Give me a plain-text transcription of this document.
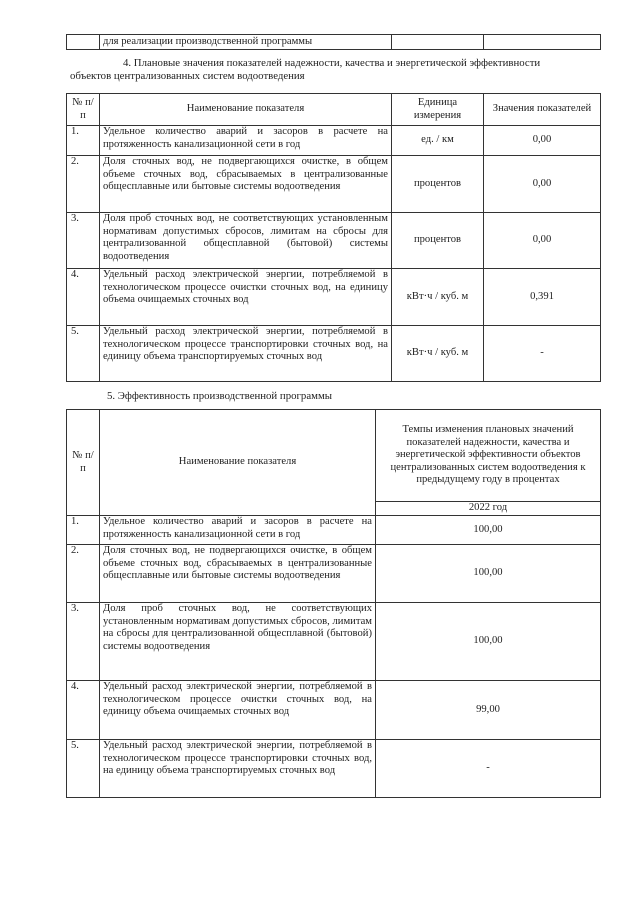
	для реализации производственной программы		
4. Плановые значения показателей надежности, качества и энергетической эффективности
объектов централизованных систем водоотведения
№ п/п	Наименование показателя	Единица измерения	Значения показателей
1.	Удельное количество аварий и засоров в расчете на протяженность канализационной сети в год	ед. / км	0,00
2.	Доля сточных вод, не подвергающихся очистке, в общем объеме сточных вод, сбрасываемых в централизованные общесплавные или бытовые системы водоотведения	процентов	0,00
3.	Доля проб сточных вод, не соответствующих установленным нормативам допустимых сбросов, лимитам на сбросы для централизованной общесплавной (бытовой) системы водоотведения	процентов	0,00
4.	Удельный расход электрической энергии, потребляемой в технологическом процессе очистки сточных вод, на единицу объема очищаемых сточных вод	кВт·ч / куб. м	0,391
5.	Удельный расход электрической энергии, потребляемой в технологическом процессе транспортировки сточных вод, на единицу объема транспортируемых сточных вод	кВт·ч / куб. м	-
5. Эффективность производственной программы
№ п/ п	Наименование показателя	Темпы изменения плановых значений показателей надежности, качества и энергетической эффективности объектов централизованных систем водоотведения к предыдущему году в процентах
		2022 год
1.	Удельное количество аварий и засоров в расчете на протяженность канализационной сети в год	100,00
2.	Доля сточных вод, не подвергающихся очистке, в общем объеме сточных вод, сбрасываемых в централизованные общесплавные или бытовые системы водоотведения	100,00
3.	Доля проб сточных вод, не соответствующих установленным нормативам допустимых сбросов, лимитам на сбросы для централизованной общесплавной (бытовой) системы водоотведения	100,00
4.	Удельный расход электрической энергии, потребляемой в технологическом процессе очистки сточных вод, на единицу объема очищаемых сточных вод	99,00
5.	Удельный расход электрической энергии, потребляемой в технологическом процессе транспортировки сточных вод, на единицу объема транспортируемых сточных вод	-
